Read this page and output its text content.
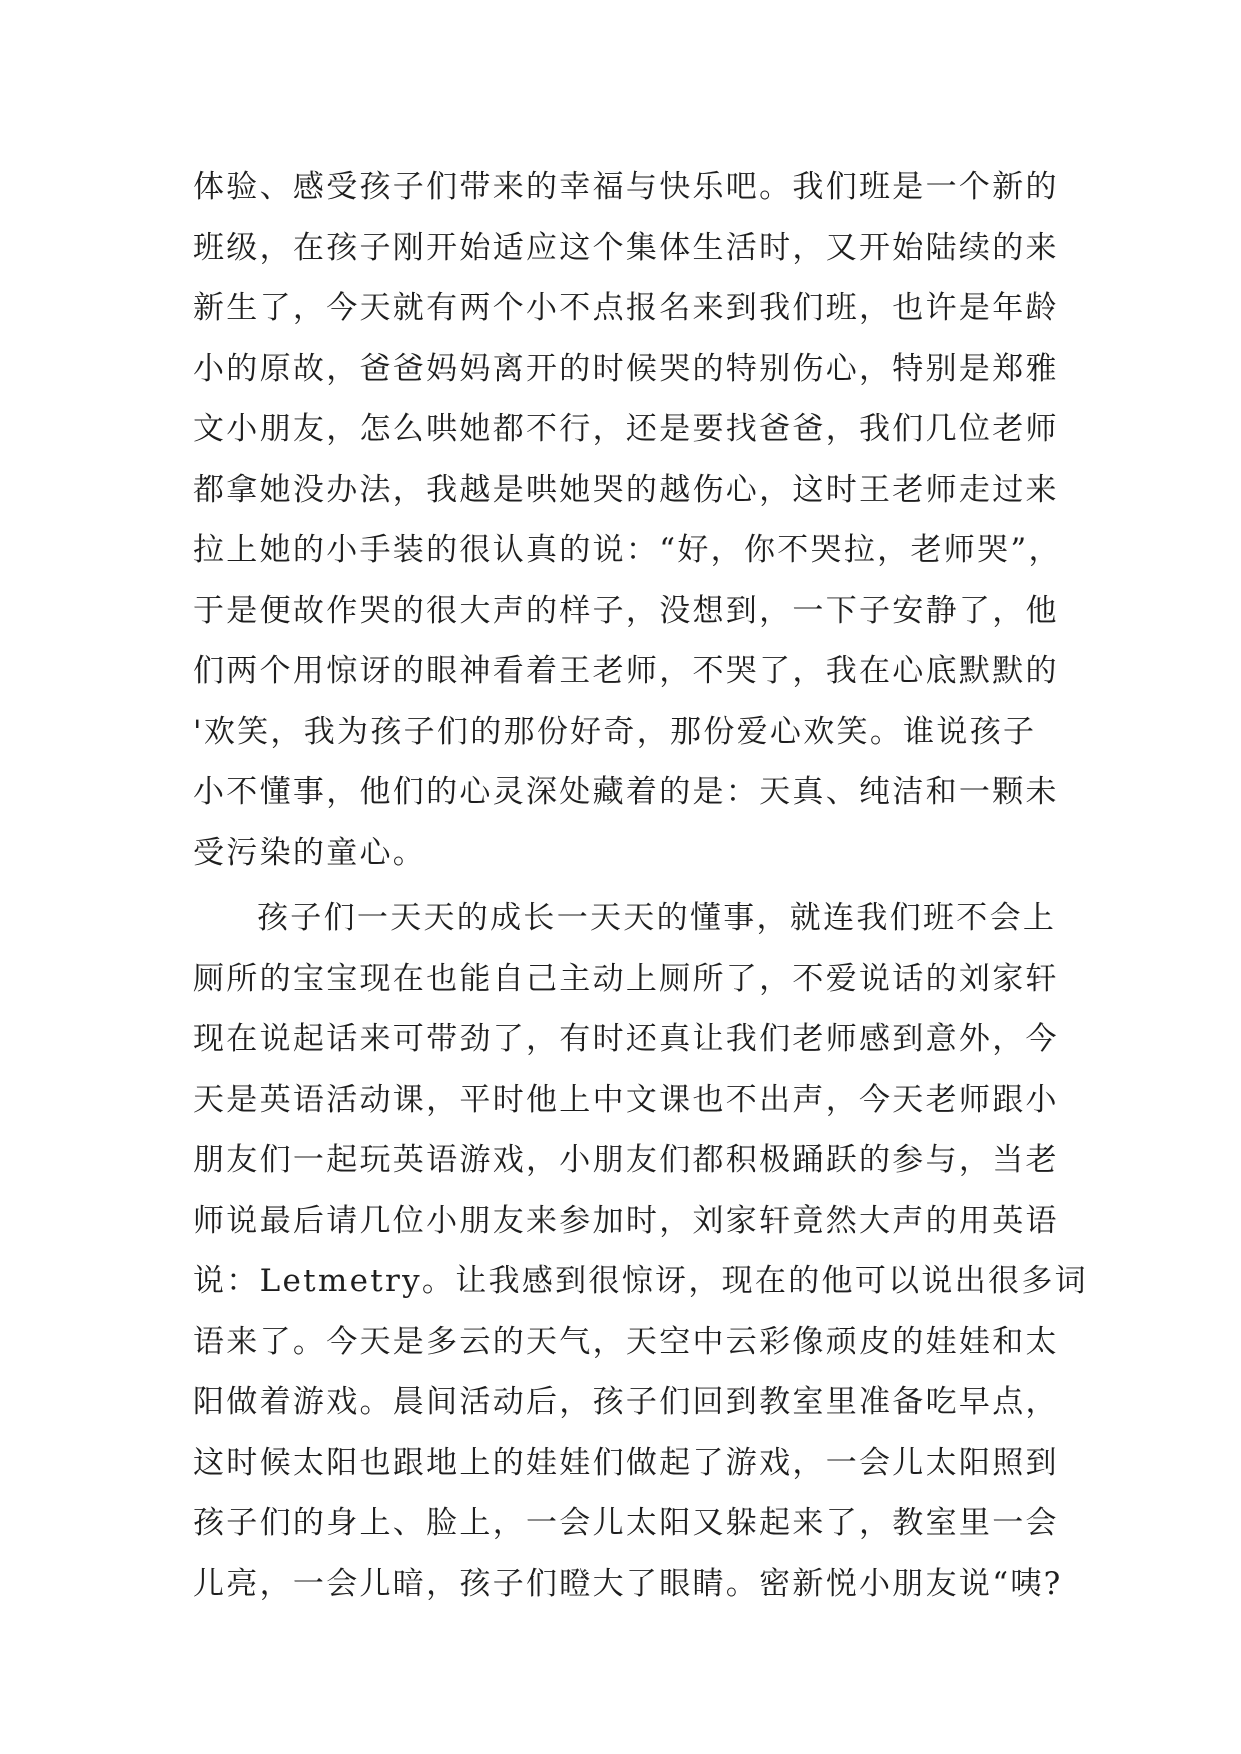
体验、感受孩子们带来的幸福与快乐吧。我们班是一个新的
班级，在孩子刚开始适应这个集体生活时，又开始陆续的来
新生了，今天就有两个小不点报名来到我们班，也许是年龄
小的原故，爸爸妈妈离开的时候哭的特别伤心，特别是郑雅
文小朋友，怎么哄她都不行，还是要找爸爸，我们几位老师
都拿她没办法，我越是哄她哭的越伤心，这时王老师走过来
拉上她的小手装的很认真的说：“好，你不哭拉，老师哭”，
于是便故作哭的很大声的样子，没想到，一下子安静了，他
们两个用惊讶的眼神看着王老师，不哭了，我在心底默默的
'欢笑，我为孩子们的那份好奇，那份爱心欢笑。谁说孩子
小不懂事，他们的心灵深处藏着的是：天真、纯洁和一颗未
受污染的童心。
孩子们一天天的成长一天天的懂事，就连我们班不会上
厕所的宝宝现在也能自己主动上厕所了，不爱说话的刘家轩
现在说起话来可带劲了，有时还真让我们老师感到意外，今
天是英语活动课，平时他上中文课也不出声，今天老师跟小
朋友们一起玩英语游戏，小朋友们都积极踊跃的参与，当老
师说最后请几位小朋友来参加时，刘家轩竟然大声的用英语
说：Letmetry。让我感到很惊讶，现在的他可以说出很多词
语来了。今天是多云的天气，天空中云彩像顽皮的娃娃和太
阳做着游戏。晨间活动后，孩子们回到教室里准备吃早点，
这时候太阳也跟地上的娃娃们做起了游戏，一会儿太阳照到
孩子们的身上、脸上，一会儿太阳又躲起来了，教室里一会
儿亮，一会儿暗，孩子们瞪大了眼睛。密新悦小朋友说“咦?
